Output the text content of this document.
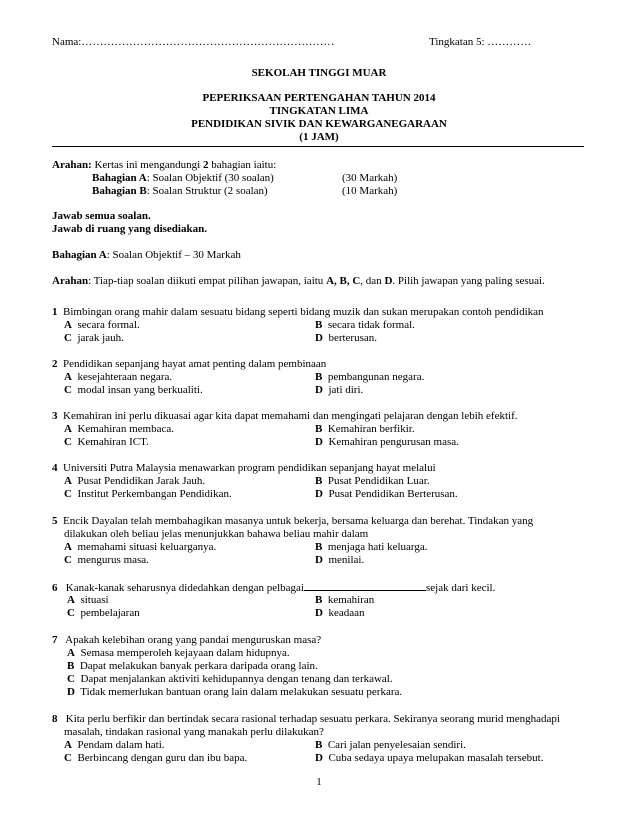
Nama:……………………………………………………………	Tingkatan 5: …………
SEKOLAH TINGGI MUAR
PEPERIKSAAN PERTENGAHAN TAHUN 2014
TINGKATAN LIMA
PENDIDIKAN SIVIK DAN KEWARGANEGARAAN
(1 JAM)
Arahan: Kertas ini mengandungi 2 bahagian iaitu:
Bahagian A: Soalan Objektif (30 soalan)	(30 Markah)
Bahagian B: Soalan Struktur (2 soalan)	(10 Markah)
Jawab semua soalan.
Jawab di ruang yang disediakan.
Bahagian A: Soalan Objektif – 30 Markah
Arahan: Tiap-tiap soalan diikuti empat pilihan jawapan, iaitu A, B, C, dan D. Pilih jawapan yang paling sesuai.
1 Bimbingan orang mahir dalam sesuatu bidang seperti bidang muzik dan sukan merupakan contoh pendidikan
A secara formal.	B secara tidak formal.
C jarak jauh.	D berterusan.
2 Pendidikan sepanjang hayat amat penting dalam pembinaan
A kesejahteraan negara.	B pembangunan negara.
C modal insan yang berkualiti.	D jati diri.
3 Kemahiran ini perlu dikuasai agar kita dapat memahami dan mengingati pelajaran dengan lebih efektif.
A Kemahiran membaca.	B Kemahiran berfikir.
C Kemahiran ICT.	D Kemahiran pengurusan masa.
4 Universiti Putra Malaysia menawarkan program pendidikan sepanjang hayat melalui
A Pusat Pendidikan Jarak Jauh.	B Pusat Pendidikan Luar.
C Institut Perkembangan Pendidikan.	D Pusat Pendidikan Berterusan.
5 Encik Dayalan telah membahagikan masanya untuk bekerja, bersama keluarga dan berehat. Tindakan yang
dilakukan oleh beliau jelas menunjukkan bahawa beliau mahir dalam
A memahami situasi keluarganya.	B menjaga hati keluarga.
C mengurus masa.	D menilai.
6 Kanak-kanak seharusnya didedahkan dengan pelbagai	sejak dari kecil.
A situasi	B kemahiran
C pembelajaran	D keadaan
7 Apakah kelebihan orang yang pandai menguruskan masa?
A Semasa memperoleh kejayaan dalam hidupnya.
B Dapat melakukan banyak perkara daripada orang lain.
C Dapat menjalankan aktiviti kehidupannya dengan tenang dan terkawal.
D Tidak memerlukan bantuan orang lain dalam melakukan sesuatu perkara.
8 Kita perlu berfikir dan bertindak secara rasional terhadap sesuatu perkara. Sekiranya seorang murid menghadapi
masalah, tindakan rasional yang manakah perlu dilakukan?
A Pendam dalam hati.	B Cari jalan penyelesaian sendiri.
C Berbincang dengan guru dan ibu bapa.	D Cuba sedaya upaya melupakan masalah tersebut.
1
